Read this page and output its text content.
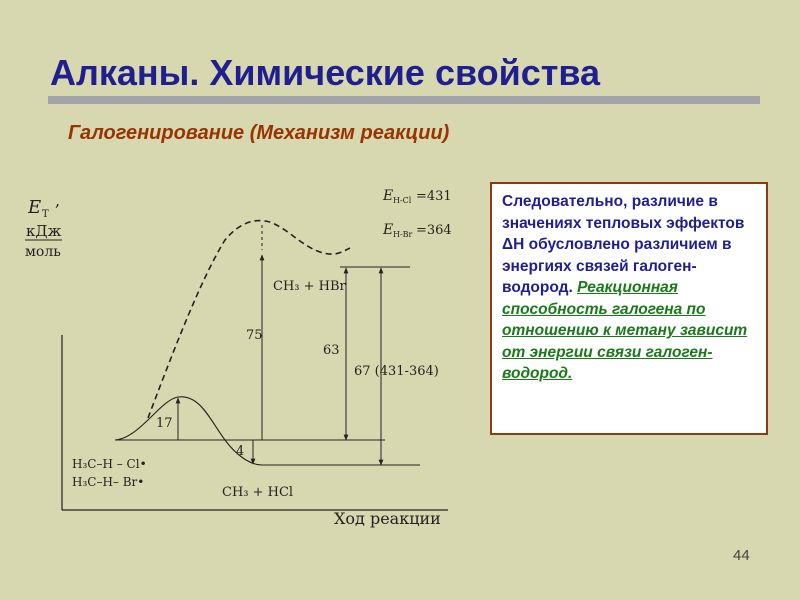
Алканы. Химические свойства
Галогенирование (Механизм реакции)
E T
,
кДж
моль
Ход реакции
E H-Cl =431
E H-Br =364
17
4
75
63
67 (431-364)
CH₃ + HBr
H₃C–H – Cl•
H₃C–H– Br•
CH₃ + HCl
Следовательно, различие в значениях тепловых эффектов ΔН обусловлено различием в энергиях связей галоген-водород. Реакционная способность галогена по отношению к метану зависит от энергии связи галоген-водород.
44
